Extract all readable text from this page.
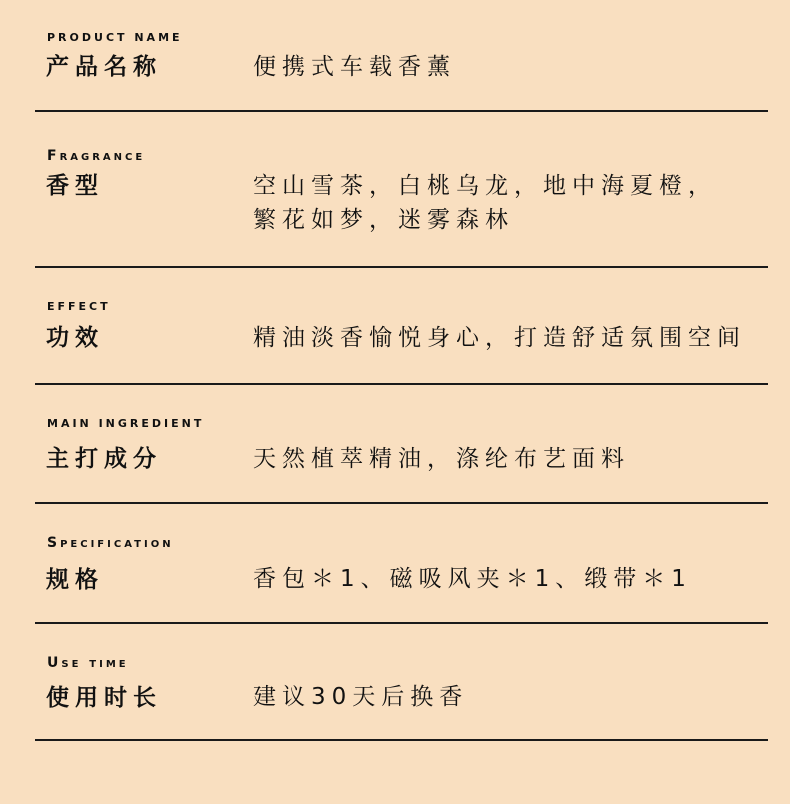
PRODUCT NAME
产品名称	便携式车载香薰
Fragrance
香型	空山雪茶，白桃乌龙，地中海夏橙，
繁花如梦，迷雾森林
EFFECT
功效	精油淡香愉悦身心，打造舒适氛围空间
MAIN INGREDIENT
主打成分	天然植萃精油，涤纶布艺面料
Specification
规格	香包＊1、磁吸风夹＊1、缎带＊1
Use time
使用时长	建议30天后换香
